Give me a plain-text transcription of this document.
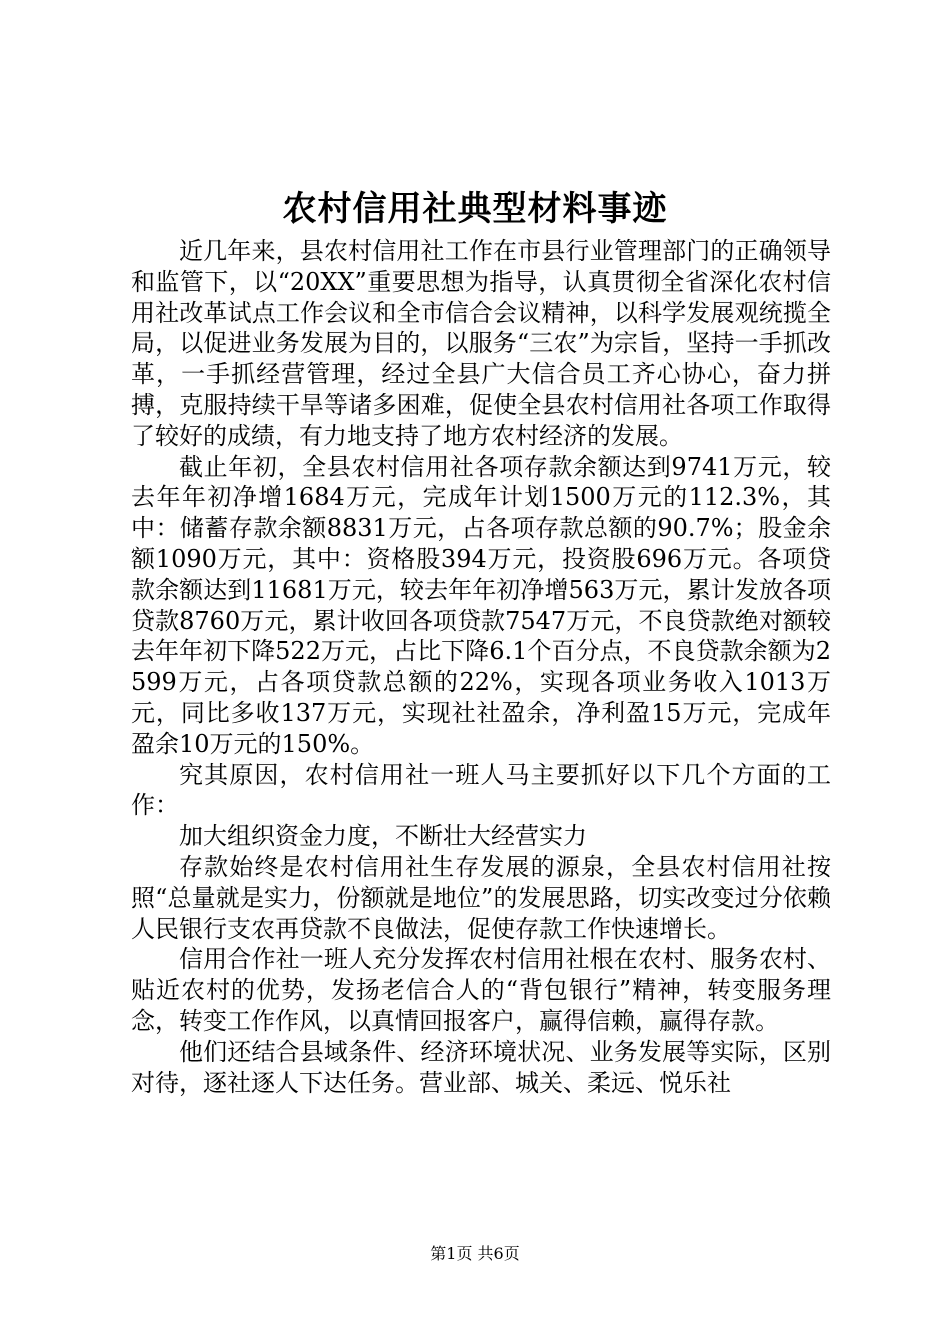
农村信用社典型材料事迹

近几年来，县农村信用社工作在市县行业管理部门的正确领导和监管下，以“20XX”重要思想为指导，认真贯彻全省深化农村信用社改革试点工作会议和全市信合会议精神，以科学发展观统揽全局，以促进业务发展为目的，以服务“三农”为宗旨，坚持一手抓改革，一手抓经营管理，经过全县广大信合员工齐心协心，奋力拼搏，克服持续干旱等诸多困难，促使全县农村信用社各项工作取得了较好的成绩，有力地支持了地方农村经济的发展。

截止年初，全县农村信用社各项存款余额达到9741万元，较去年年初净增1684万元，完成年计划1500万元的112.3%，其中：储蓄存款余额8831万元，占各项存款总额的90.7%；股金余额1090万元，其中：资格股394万元，投资股696万元。各项贷款余额达到11681万元，较去年年初净增563万元，累计发放各项贷款8760万元，累计收回各项贷款7547万元，不良贷款绝对额较去年年初下降522万元，占比下降6.1个百分点，不良贷款余额为2599万元，占各项贷款总额的22%，实现各项业务收入1013万元，同比多收137万元，实现社社盈余，净利盈15万元，完成年盈余10万元的150%。

究其原因，农村信用社一班人马主要抓好以下几个方面的工作：

加大组织资金力度，不断壮大经营实力

存款始终是农村信用社生存发展的源泉，全县农村信用社按照“总量就是实力，份额就是地位”的发展思路，切实改变过分依赖人民银行支农再贷款不良做法，促使存款工作快速增长。

信用合作社一班人充分发挥农村信用社根在农村、服务农村、贴近农村的优势，发扬老信合人的“背包银行”精神，转变服务理念，转变工作作风，以真情回报客户，赢得信赖，赢得存款。

他们还结合县域条件、经济环境状况、业务发展等实际，区别对待，逐社逐人下达任务。营业部、城关、柔远、悦乐社

第1页 共6页
